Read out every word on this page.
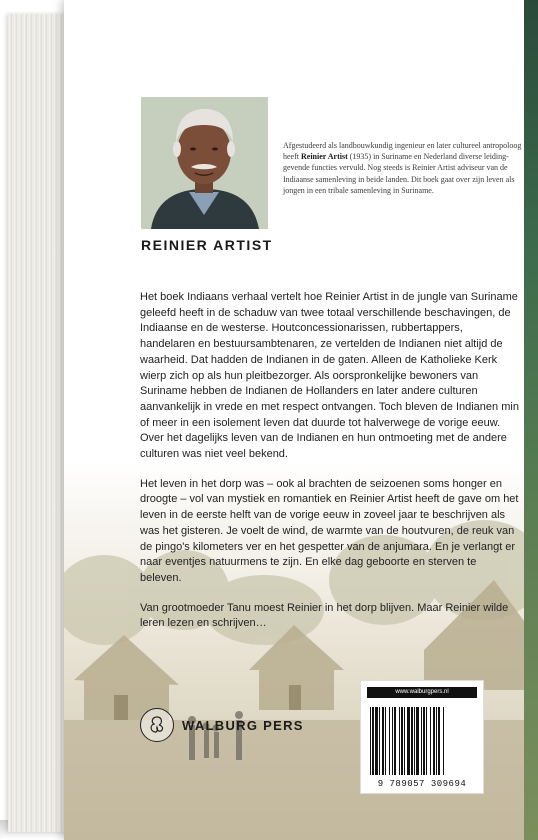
REINIER ARTIST
Afgestudeerd als landbouwkundig ingenieur en later cultureel antropoloog heeft Reinier Artist (1935) in Suriname en Nederland diverse leidinggevende functies vervuld. Nog steeds is Reinier Artist adviseur van de Indiaanse samenleving in beide landen. Dit boek gaat over zijn leven als jongen in een tribale samenleving in Suriname.

Het boek Indiaans verhaal vertelt hoe Reinier Artist in de jungle van Suriname geleefd heeft in de schaduw van twee totaal verschillende beschavingen, de Indiaanse en de westerse. Houtconcessionarissen, rubbertappers, handelaren en bestuursambtenaren, ze vertelden de Indianen niet altijd de waarheid. Dat hadden de Indianen in de gaten. Alleen de Katholieke Kerk wierp zich op als hun pleitbezorger. Als oorspronkelijke bewoners van Suriname hebben de Indianen de Hollanders en later andere culturen aanvankelijk in vrede en met respect ontvangen. Toch bleven de Indianen min of meer in een isolement leven dat duurde tot halverwege de vorige eeuw. Over het dagelijks leven van de Indianen en hun ontmoeting met de andere culturen was niet veel bekend.

Het leven in het dorp was – ook al brachten de seizoenen soms honger en droogte – vol van mystiek en romantiek en Reinier Artist heeft de gave om het leven in de eerste helft van de vorige eeuw in zoveel jaar te beschrijven als was het gisteren. Je voelt de wind, de warmte van de houtvuren, de reuk van de pingo's kilometers ver en het gespetter van de anjumara. En je verlangt er naar eventjes natuurmens te zijn. En elke dag geboorte en sterven te beleven.

Van grootmoeder Tanu moest Reinier in het dorp blijven. Maar Reinier wilde leren lezen en schrijven…

WALBURG PERS
www.walburgpers.nl
9 789057 309694
